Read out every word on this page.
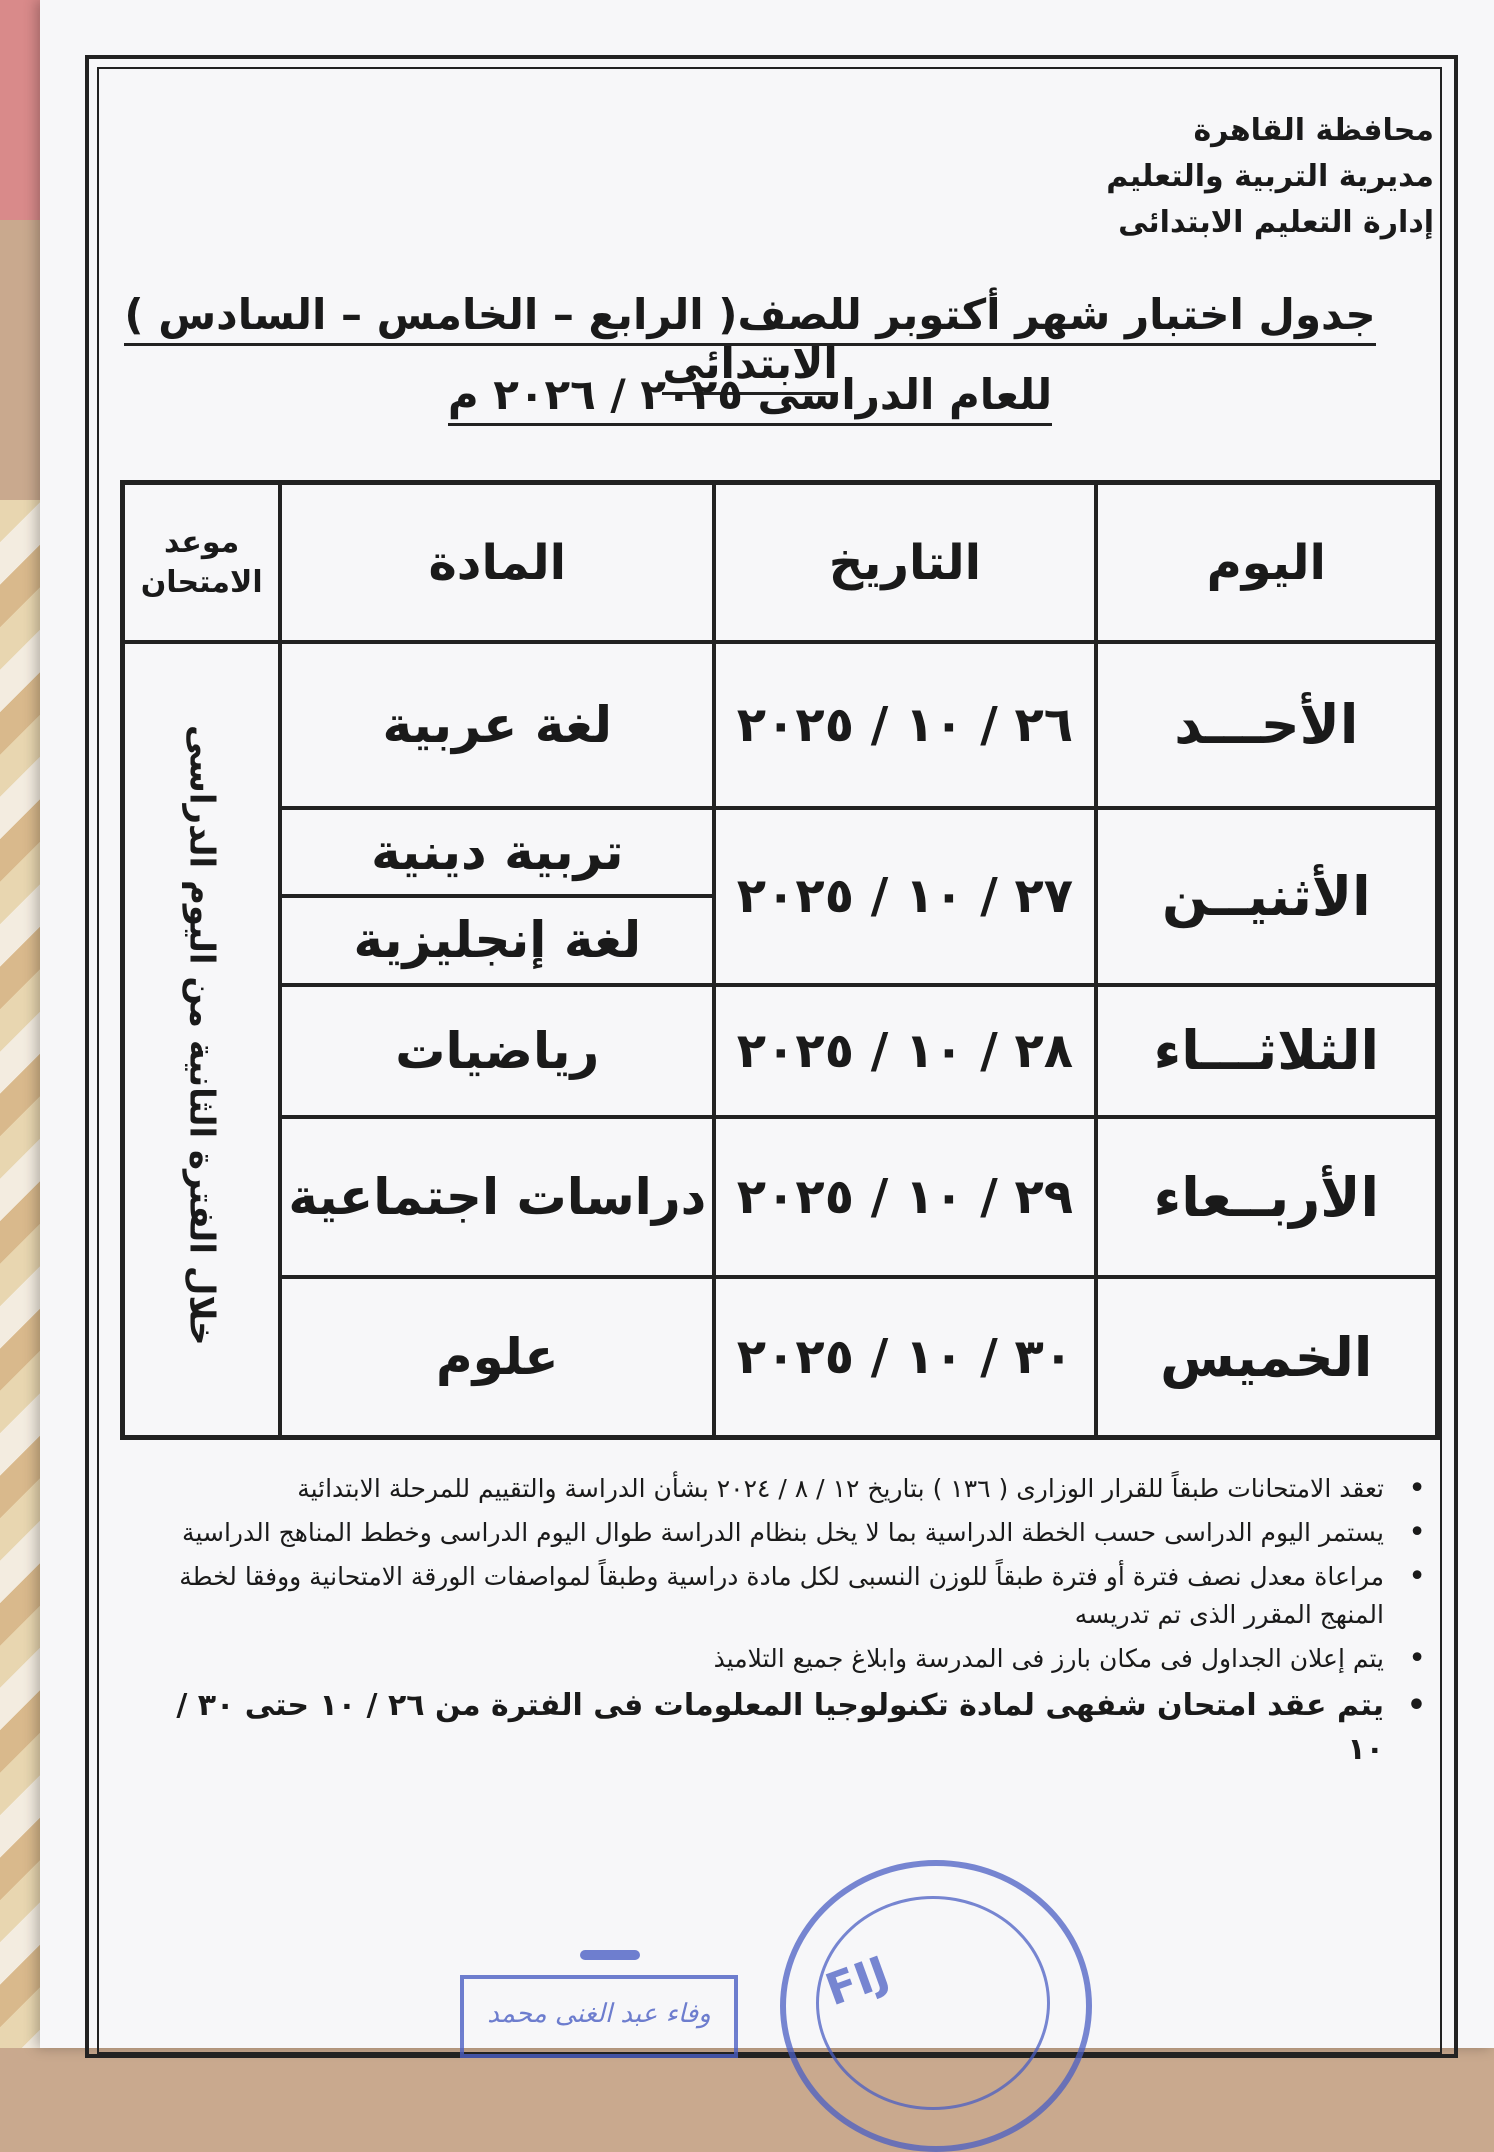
محافظة القاهرة
مديرية التربية والتعليم
إدارة التعليم الابتدائى
جدول اختبار شهر أكتوبر للصف( الرابع – الخامس – السادس ) الابتدائى
للعام الدراسى ٢٠٢٥ / ٢٠٢٦ م
اليوم	التاريخ	المادة	موعد الامتحان
الأحـــد	٢٦ / ١٠ / ٢٠٢٥	لغة عربية	خلال الفترة الثانية من اليوم الدراسى
الأثنيــن	٢٧ / ١٠ / ٢٠٢٥	تربية دينية	
		لغة إنجليزية	
الثلاثـــاء	٢٨ / ١٠ / ٢٠٢٥	رياضيات	
الأربــعاء	٢٩ / ١٠ / ٢٠٢٥	دراسات اجتماعية	
الخميس	٣٠ / ١٠ / ٢٠٢٥	علوم	
• تعقد الامتحانات طبقاً للقرار الوزارى ( ١٣٦ ) بتاريخ ١٢ / ٨ / ٢٠٢٤ بشأن الدراسة والتقييم للمرحلة الابتدائية
• يستمر اليوم الدراسى حسب الخطة الدراسية بما لا يخل بنظام الدراسة طوال اليوم الدراسى وخطط المناهج الدراسية
• مراعاة معدل نصف فترة أو فترة طبقاً للوزن النسبى لكل مادة دراسية وطبقاً لمواصفات الورقة الامتحانية ووفقا لخطة المنهج المقرر الذى تم تدريسه
• يتم إعلان الجداول فى مكان بارز فى المدرسة وابلاغ جميع التلاميذ
• يتم عقد امتحان شفهى لمادة تكنولوجيا المعلومات فى الفترة من ٢٦ / ١٠ حتى ٣٠ / ١٠
FIJ
وفاء عبد الغنى محمد
